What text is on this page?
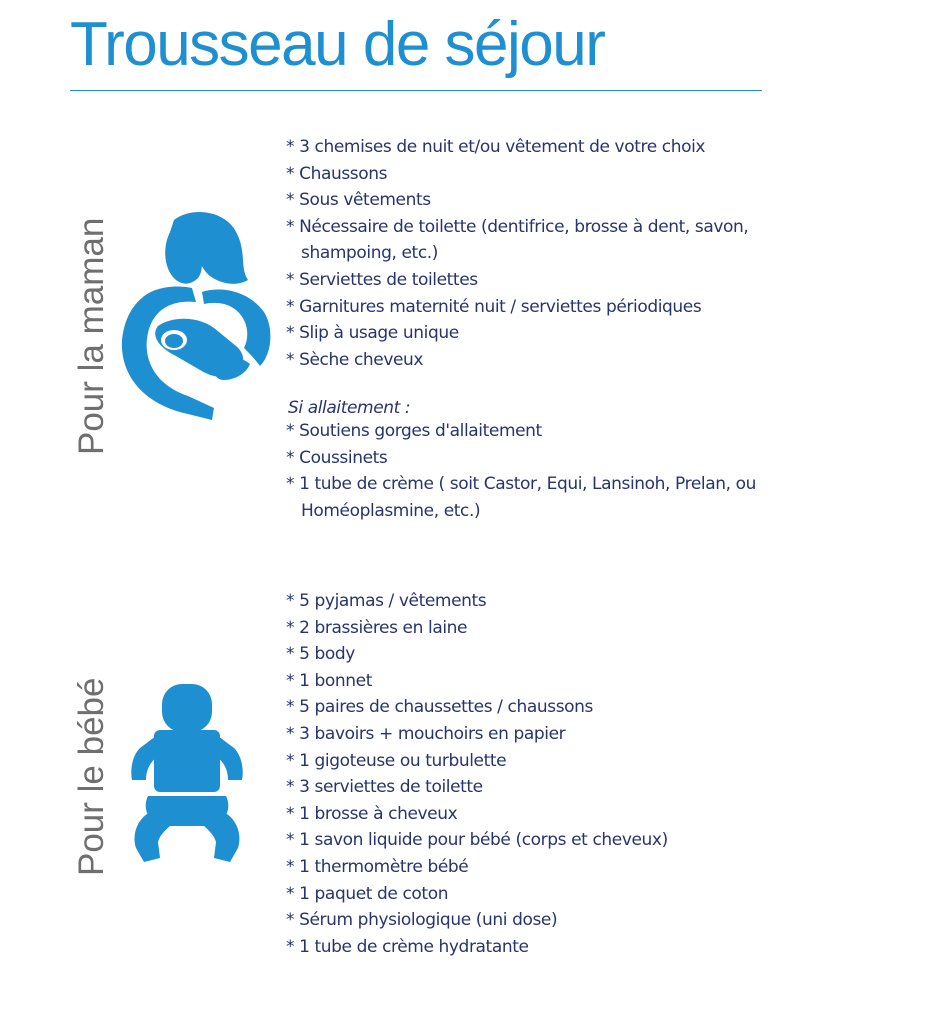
Trousseau de séjour
Pour la maman
* 3 chemises de nuit et/ou vêtement de votre choix
* Chaussons
* Sous vêtements
* Nécessaire de toilette (dentifrice, brosse à dent, savon, shampoing, etc.)
* Serviettes de toilettes
* Garnitures maternité nuit / serviettes périodiques
* Slip à usage unique
* Sèche cheveux
Si allaitement :
* Soutiens gorges d'allaitement
* Coussinets
* 1 tube de crème ( soit Castor, Equi, Lansinoh, Prelan, ou Homéoplasmine, etc.)
Pour le bébé
* 5 pyjamas / vêtements
* 2 brassières en laine
* 5 body
* 1 bonnet
* 5 paires de chaussettes / chaussons
* 3 bavoirs + mouchoirs en papier
* 1 gigoteuse ou turbulette
* 3 serviettes de toilette
* 1 brosse à cheveux
* 1 savon liquide pour bébé (corps et cheveux)
* 1 thermomètre bébé
* 1 paquet de coton
* Sérum physiologique (uni dose)
* 1 tube de crème hydratante
